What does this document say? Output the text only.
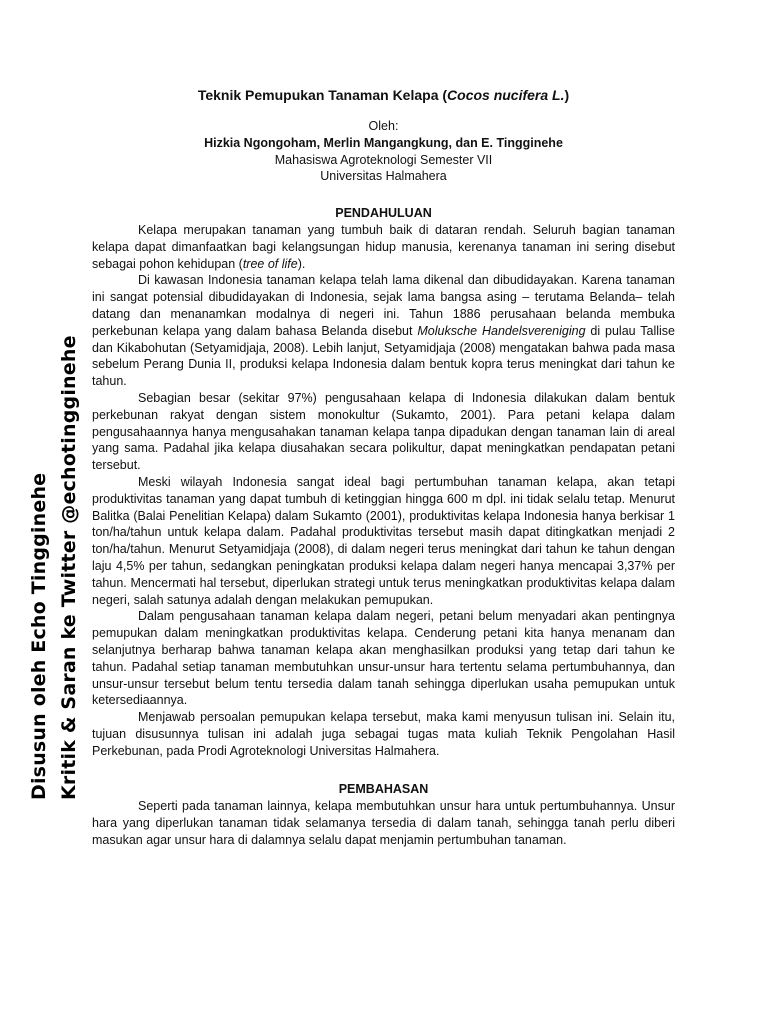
Disusun oleh Echo Tingginehe Kritik & Saran ke Twitter @echotingginehe
Teknik Pemupukan Tanaman Kelapa (Cocos nucifera L.)

Oleh:

Hizkia Ngongoham, Merlin Mangangkung, dan E. Tingginehe

Mahasiswa Agroteknologi Semester VII

Universitas Halmahera

PENDAHULUAN

Kelapa merupakan tanaman yang tumbuh baik di dataran rendah. Seluruh bagian tanaman kelapa dapat dimanfaatkan bagi kelangsungan hidup manusia, kerenanya tanaman ini sering disebut sebagai pohon kehidupan (tree of life).

Di kawasan Indonesia tanaman kelapa telah lama dikenal dan dibudidayakan. Karena tanaman ini sangat potensial dibudidayakan di Indonesia, sejak lama bangsa asing – terutama Belanda– telah datang dan menanamkan modalnya di negeri ini. Tahun 1886 perusahaan belanda membuka perkebunan kelapa yang dalam bahasa Belanda disebut Moluksche Handelsvereniging di pulau Tallise dan Kikabohutan (Setyamidjaja, 2008). Lebih lanjut, Setyamidjaja (2008) mengatakan bahwa pada masa sebelum Perang Dunia II, produksi kelapa Indonesia dalam bentuk kopra terus meningkat dari tahun ke tahun.

Sebagian besar (sekitar 97%) pengusahaan kelapa di Indonesia dilakukan dalam bentuk perkebunan rakyat dengan sistem monokultur (Sukamto, 2001). Para petani kelapa dalam pengusahaannya hanya mengusahakan tanaman kelapa tanpa dipadukan dengan tanaman lain di areal yang sama. Padahal jika kelapa diusahakan secara polikultur, dapat meningkatkan pendapatan petani tersebut.

Meski wilayah Indonesia sangat ideal bagi pertumbuhan tanaman kelapa, akan tetapi produktivitas tanaman yang dapat tumbuh di ketinggian hingga 600 m dpl. ini tidak selalu tetap. Menurut Balitka (Balai Penelitian Kelapa) dalam Sukamto (2001), produktivitas kelapa Indonesia hanya berkisar 1 ton/ha/tahun untuk kelapa dalam. Padahal produktivitas tersebut masih dapat ditingkatkan menjadi 2 ton/ha/tahun. Menurut Setyamidjaja (2008), di dalam negeri terus meningkat dari tahun ke tahun dengan laju 4,5% per tahun, sedangkan peningkatan produksi kelapa dalam negeri hanya mencapai 3,37% per tahun. Mencermati hal tersebut, diperlukan strategi untuk terus meningkatkan produktivitas kelapa dalam negeri, salah satunya adalah dengan melakukan pemupukan.

Dalam pengusahaan tanaman kelapa dalam negeri, petani belum menyadari akan pentingnya pemupukan dalam meningkatkan produktivitas kelapa. Cenderung petani kita hanya menanam dan selanjutnya berharap bahwa tanaman kelapa akan menghasilkan produksi yang tetap dari tahun ke tahun. Padahal setiap tanaman membutuhkan unsur-unsur hara tertentu selama pertumbuhannya, dan unsur-unsur tersebut belum tentu tersedia dalam tanah sehingga diperlukan usaha pemupukan untuk ketersediaannya.

Menjawab persoalan pemupukan kelapa tersebut, maka kami menyusun tulisan ini. Selain itu, tujuan disusunnya tulisan ini adalah juga sebagai tugas mata kuliah Teknik Pengolahan Hasil Perkebunan, pada Prodi Agroteknologi Universitas Halmahera.

PEMBAHASAN

Seperti pada tanaman lainnya, kelapa membutuhkan unsur hara untuk pertumbuhannya. Unsur hara yang diperlukan tanaman tidak selamanya tersedia di dalam tanah, sehingga tanah perlu diberi masukan agar unsur hara di dalamnya selalu dapat menjamin pertumbuhan tanaman.
